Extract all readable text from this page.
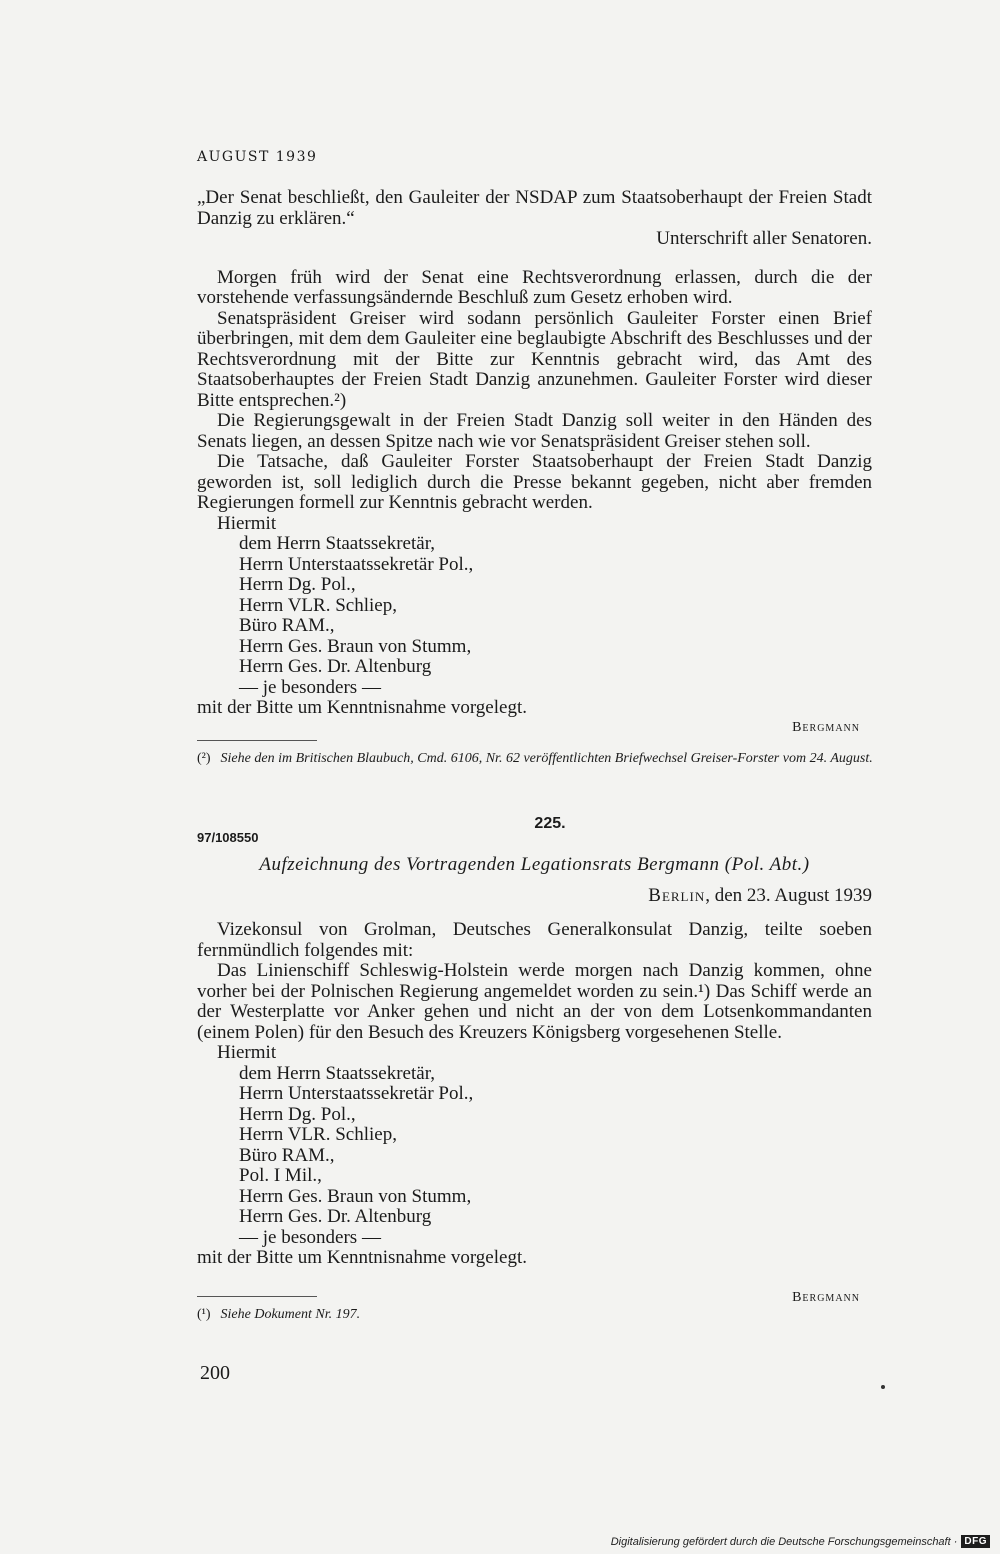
AUGUST 1939

„Der Senat beschließt, den Gauleiter der NSDAP zum Staatsoberhaupt der Freien Stadt Danzig zu erklären.“

Unterschrift aller Senatoren.

Morgen früh wird der Senat eine Rechtsverordnung erlassen, durch die der vorstehende verfassungsändernde Beschluß zum Gesetz erhoben wird.

Senatspräsident Greiser wird sodann persönlich Gauleiter Forster einen Brief überbringen, mit dem dem Gauleiter eine beglaubigte Abschrift des Beschlusses und der Rechtsverordnung mit der Bitte zur Kenntnis gebracht wird, das Amt des Staatsoberhauptes der Freien Stadt Danzig anzunehmen. Gauleiter Forster wird dieser Bitte entsprechen.²)

Die Regierungsgewalt in der Freien Stadt Danzig soll weiter in den Händen des Senats liegen, an dessen Spitze nach wie vor Senatspräsident Greiser stehen soll.

Die Tatsache, daß Gauleiter Forster Staatsoberhaupt der Freien Stadt Danzig geworden ist, soll lediglich durch die Presse bekannt gegeben, nicht aber fremden Regierungen formell zur Kenntnis gebracht werden.

Hiermit

dem Herrn Staatssekretär,

Herrn Unterstaatssekretär Pol.,

Herrn Dg. Pol.,

Herrn VLR. Schliep,

Büro RAM.,

Herrn Ges. Braun von Stumm,

Herrn Ges. Dr. Altenburg

— je besonders —

mit der Bitte um Kenntnisnahme vorgelegt.

Bergmann
(²) Siehe den im Britischen Blaubuch, Cmd. 6106, Nr. 62 veröffentlichten Briefwechsel Greiser-Forster vom 24. August.
225.
97/108550
Aufzeichnung des Vortragenden Legationsrats Bergmann (Pol. Abt.)
Berlin, den 23. August 1939

Vizekonsul von Grolman, Deutsches Generalkonsulat Danzig, teilte soeben fernmündlich folgendes mit:

Das Linienschiff Schleswig-Holstein werde morgen nach Danzig kommen, ohne vorher bei der Polnischen Regierung angemeldet worden zu sein.¹) Das Schiff werde an der Westerplatte vor Anker gehen und nicht an der von dem Lotsenkommandanten (einem Polen) für den Besuch des Kreuzers Königsberg vorgesehenen Stelle.

Hiermit

dem Herrn Staatssekretär,

Herrn Unterstaatssekretär Pol.,

Herrn Dg. Pol.,

Herrn VLR. Schliep,

Büro RAM.,

Pol. I Mil.,

Herrn Ges. Braun von Stumm,

Herrn Ges. Dr. Altenburg

— je besonders —

mit der Bitte um Kenntnisnahme vorgelegt.

Bergmann
(¹) Siehe Dokument Nr. 197.
200
Digitalisierung gefördert durch die Deutsche Forschungsgemeinschaft · DFG
